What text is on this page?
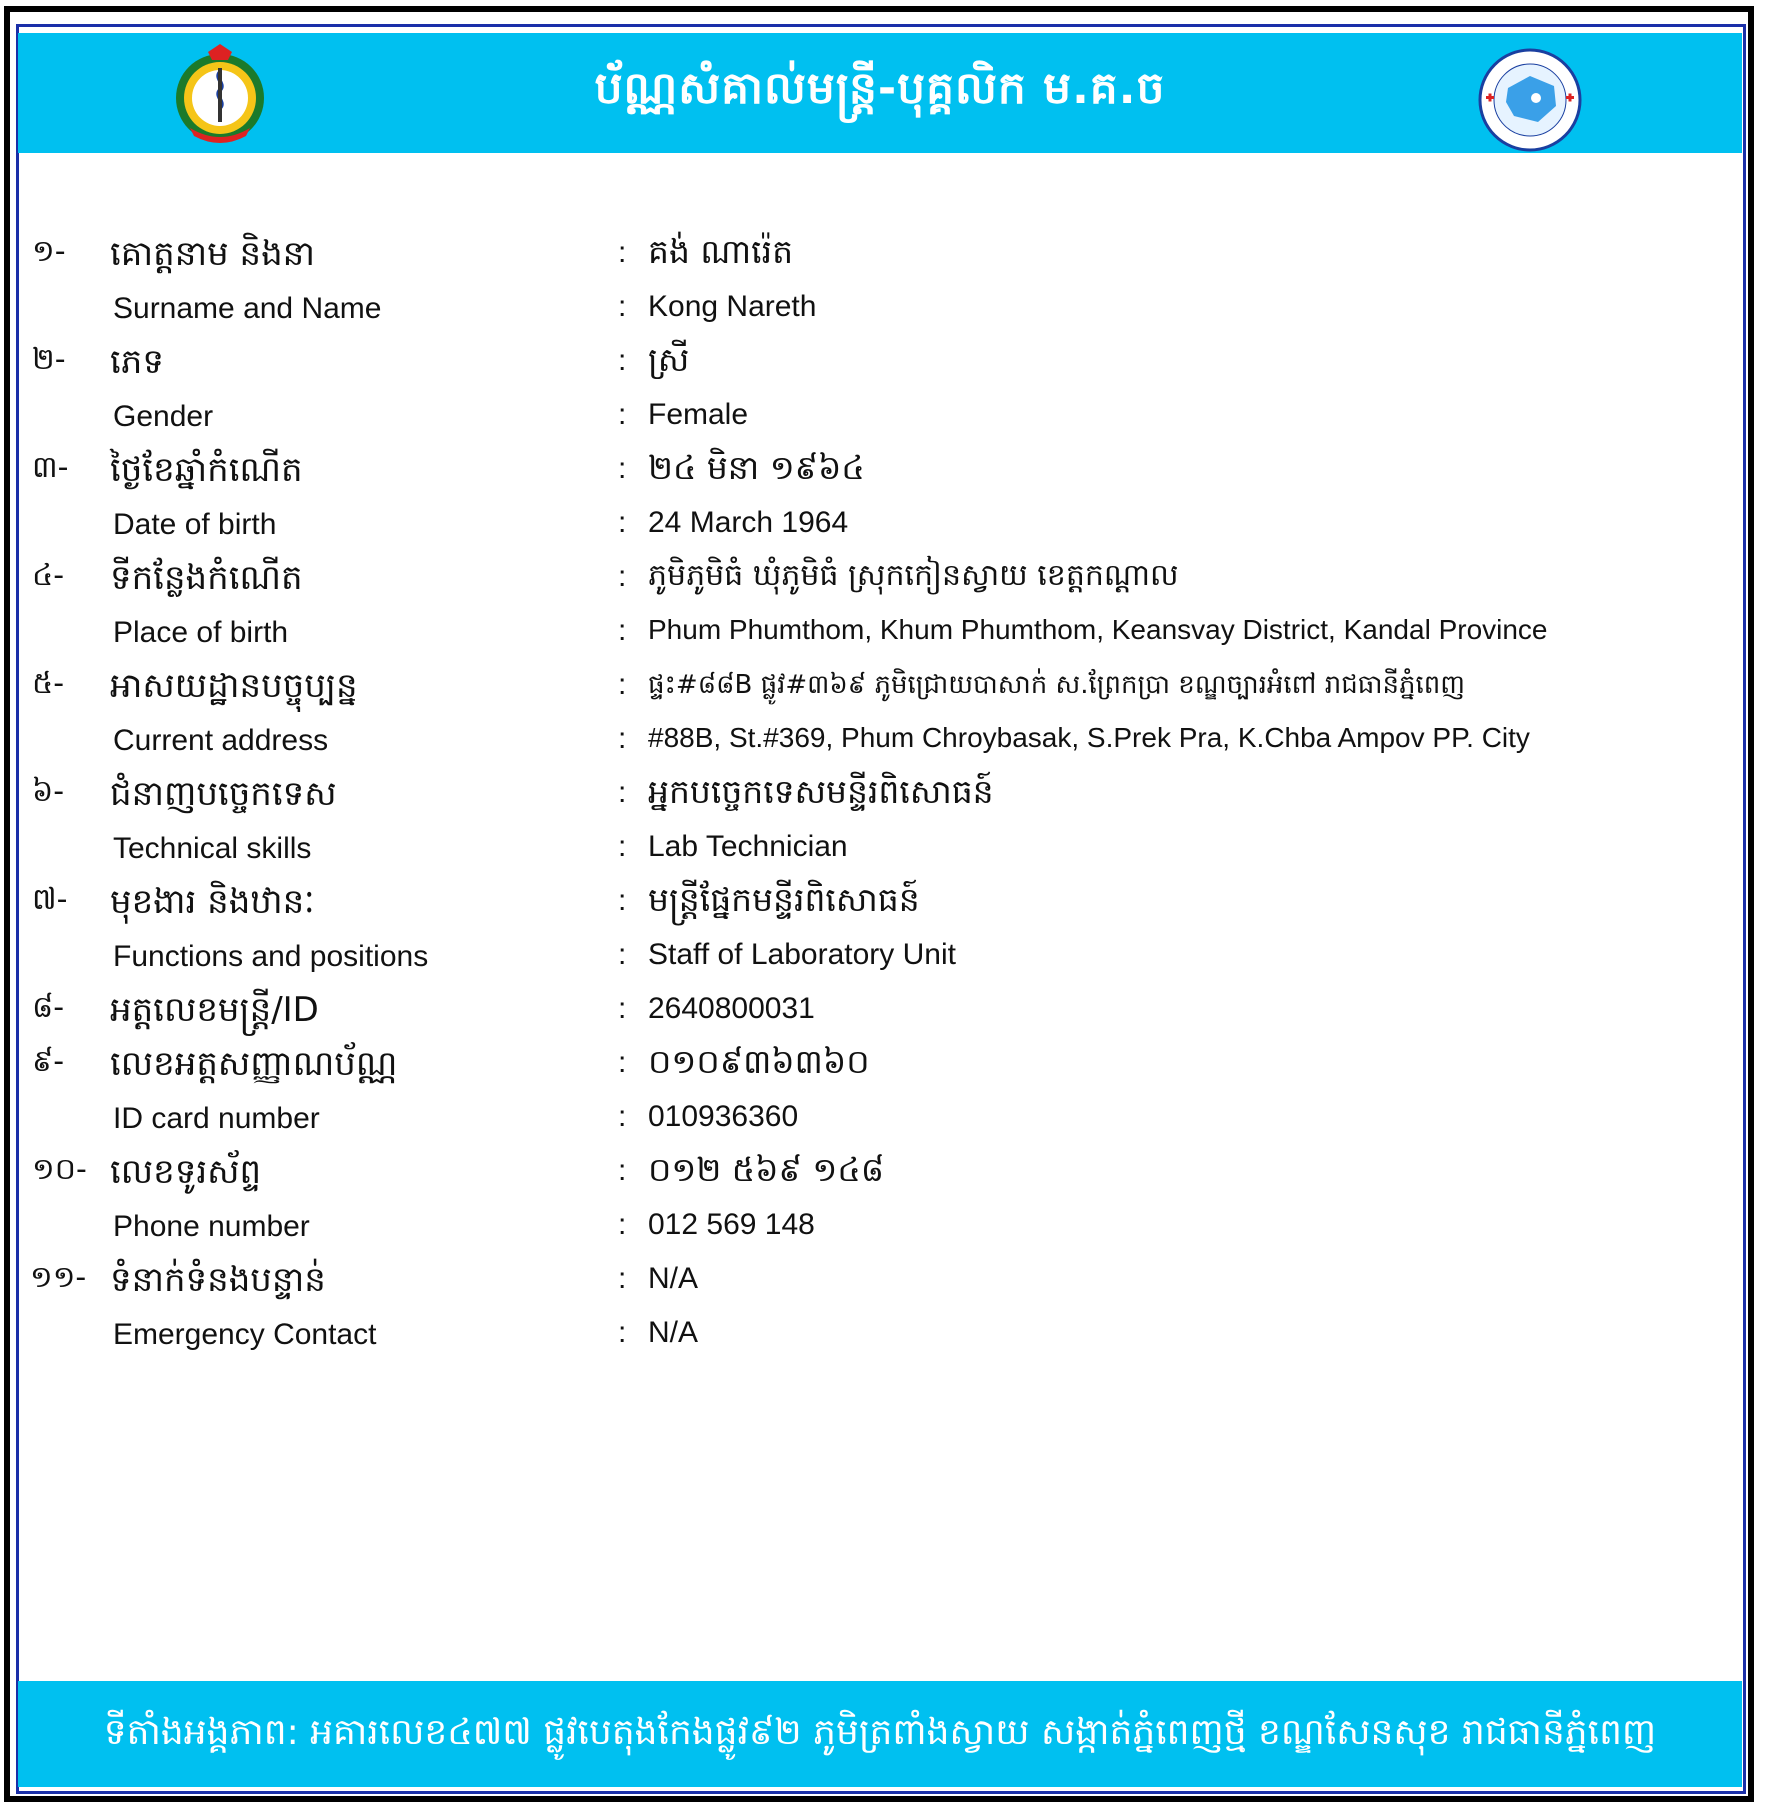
ប័ណ្ណសំគាល់មន្ត្រី-បុគ្គលិក ម.គ.ច
១- គោត្តនាម និងនា	: គង់ ណារ៉េត
Surname and Name	: Kong Nareth
២- ភេទ	: ស្រី
Gender	: Female
៣- ថ្ងៃខែឆ្នាំកំណើត	: ២៤ មិនា ១៩៦៤
Date of birth	: 24 March 1964
៤- ទីកន្លែងកំណើត	: ភូមិភូមិធំ ឃុំភូមិធំ ស្រុកកៀនស្វាយ ខេត្តកណ្តាល
Place of birth	: Phum Phumthom, Khum Phumthom, Keansvay District, Kandal Province
៥- អាសយដ្ឋានបច្ចុប្បន្ន	: ផ្ទះ#៨៨B ផ្លូវ#៣៦៩ ភូមិជ្រោយបាសាក់ ស.ព្រែកប្រា ខណ្ឌច្បារអំពៅ រាជធានីភ្នំពេញ
Current address	: #88B, St.#369, Phum Chroybasak, S.Prek Pra, K.Chba Ampov PP. City
៦- ជំនាញបច្ចេកទេស	: អ្នកបច្ចេកទេសមន្ទីរពិសោធន៍
Technical skills	: Lab Technician
៧- មុខងារ និងឋានៈ	: មន្ត្រីផ្នែកមន្ទីរពិសោធន៍
Functions and positions	: Staff of Laboratory Unit
៨- អត្តលេខមន្ត្រី/ID	: 2640800031
៩- លេខអត្តសញ្ញាណប័ណ្ណ	: ០១០៩៣៦៣៦០
ID card number	: 010936360
១០- លេខទូរស័ព្ទ	: ០១២ ៥៦៩ ១៤៨
Phone number	: 012 569 148
១១- ទំនាក់ទំនងបន្ទាន់	: N/A
Emergency Contact	: N/A
ទីតាំងអង្គភាព: អគារលេខ៤៧៧ ផ្លូវបេតុងកែងផ្លូវ៩២ ភូមិត្រពាំងស្វាយ សង្កាត់ភ្នំពេញថ្មី ខណ្ឌសែនសុខ រាជធានីភ្នំពេញ
